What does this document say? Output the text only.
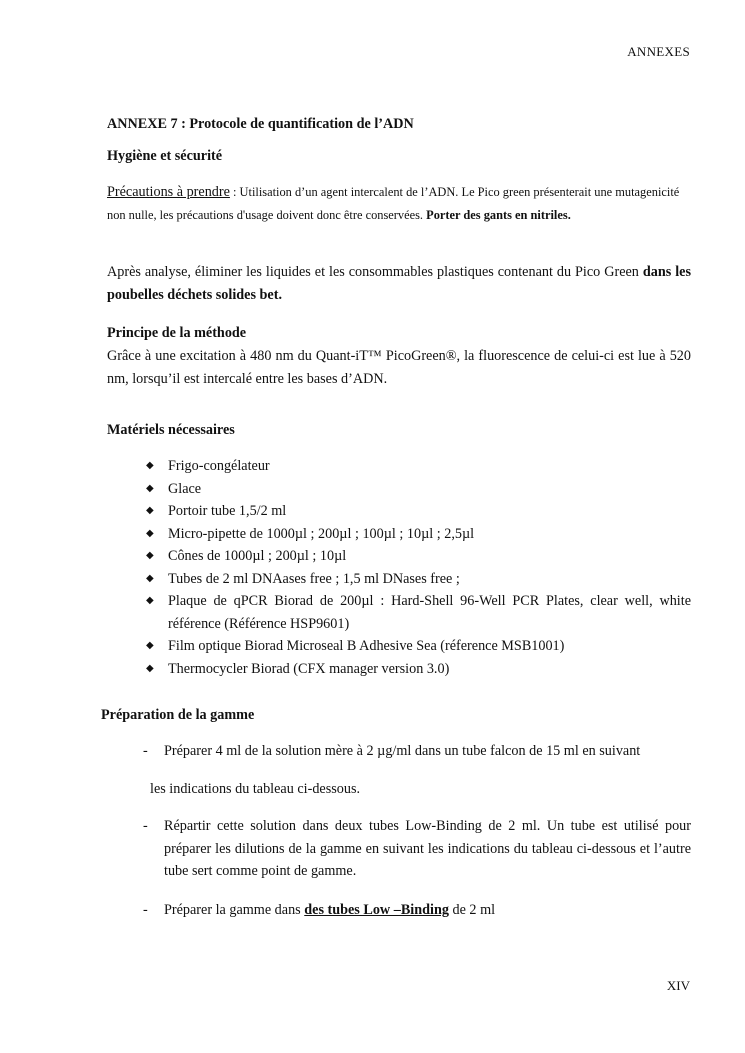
ANNEXES
ANNEXE 7 : Protocole de quantification de l’ADN
Hygiène et sécurité

Précautions à prendre : Utilisation d’un agent intercalent de l’ADN. Le Pico green présenterait une mutagenicité non nulle, les précautions d'usage doivent donc être conservées. Porter des gants en nitriles.

Après analyse, éliminer les liquides et les consommables plastiques contenant du Pico Green dans les poubelles déchets solides bet.

Principe de la méthode

Grâce à une excitation à 480 nm du Quant-iT™ PicoGreen®, la fluorescence de celui-ci est lue à 520 nm, lorsqu’il est intercalé entre les bases d’ADN.

Matériels nécessaires
◆ Frigo-congélateur
◆ Glace
◆ Portoir tube 1,5/2 ml
◆ Micro-pipette de 1000µl ; 200µl ; 100µl ; 10µl ; 2,5µl
◆ Cônes de 1000µl ; 200µl ; 10µl
◆ Tubes de 2 ml DNAases free ; 1,5 ml DNases free ;
◆ Plaque de qPCR Biorad de 200µl : Hard-Shell 96-Well PCR Plates, clear well, white référence (Référence HSP9601)
◆ Film optique Biorad Microseal B Adhesive Sea (réference MSB1001)
◆ Thermocycler Biorad (CFX manager version 3.0)
Préparation de la gamme
- Préparer 4 ml de la solution mère à 2 µg/ml dans un tube falcon de 15 ml en suivant
les indications du tableau ci-dessous.
- Répartir cette solution dans deux tubes Low-Binding de 2 ml. Un tube est utilisé pour préparer les dilutions de la gamme en suivant les indications du tableau ci-dessous et l’autre tube sert comme point de gamme.
- Préparer la gamme dans des tubes Low –Binding de 2 ml
XIV
